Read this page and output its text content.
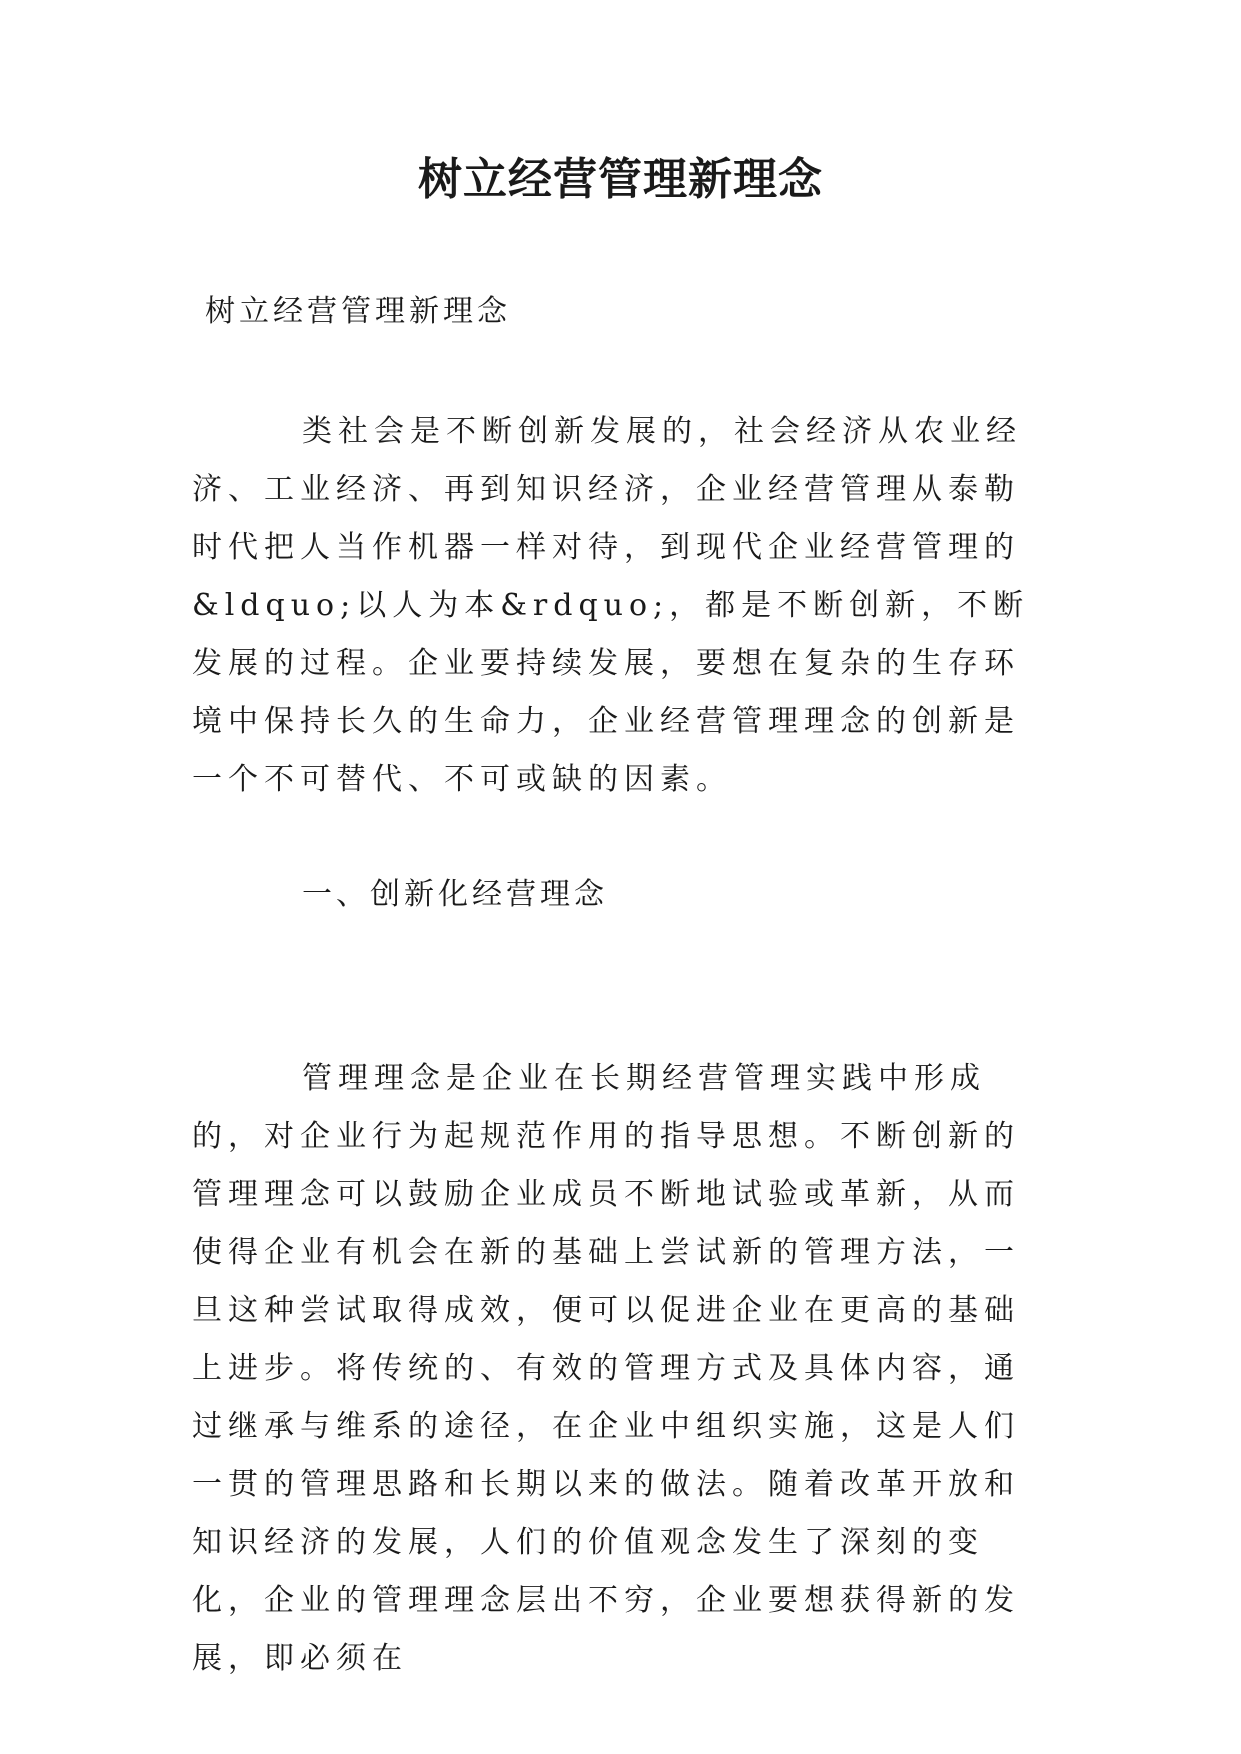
树立经营管理新理念

树立经营管理新理念

类社会是不断创新发展的，社会经济从农业经济、工业经济、再到知识经济，企业经营管理从泰勒时代把人当作机器一样对待，到现代企业经营管理的&ldquo;以人为本&rdquo;，都是不断创新，不断发展的过程。企业要持续发展，要想在复杂的生存环境中保持长久的生命力，企业经营管理理念的创新是一个不可替代、不可或缺的因素。

一、创新化经营理念

管理理念是企业在长期经营管理实践中形成的，对企业行为起规范作用的指导思想。不断创新的管理理念可以鼓励企业成员不断地试验或革新，从而使得企业有机会在新的基础上尝试新的管理方法，一旦这种尝试取得成效，便可以促进企业在更高的基础上进步。将传统的、有效的管理方式及具体内容，通过继承与维系的途径，在企业中组织实施，这是人们一贯的管理思路和长期以来的做法。随着改革开放和知识经济的发展，人们的价值观念发生了深刻的变化，企业的管理理念层出不穷，企业要想获得新的发展，即必须在
